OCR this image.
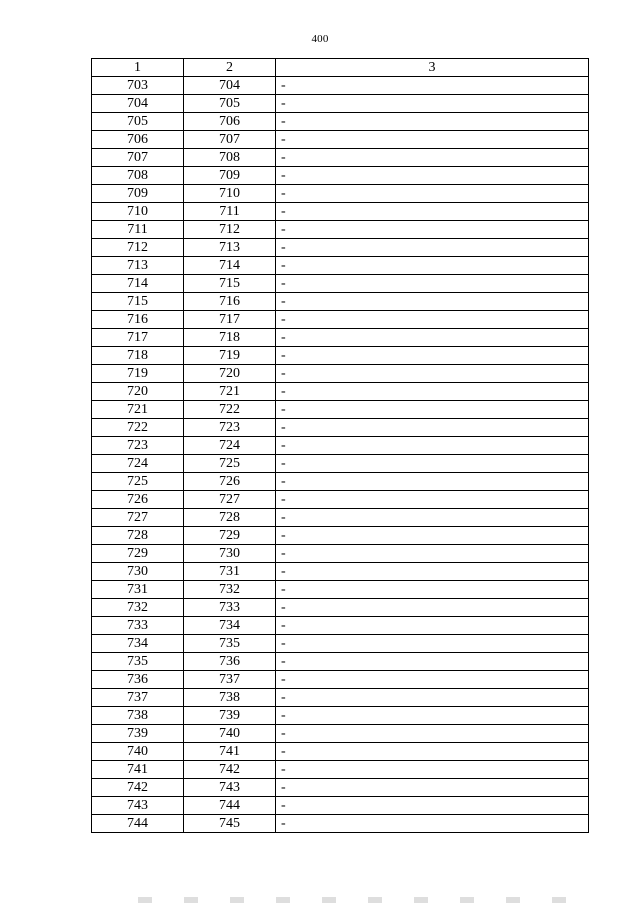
400
1	2	3
703	704	-
704	705	-
705	706	-
706	707	-
707	708	-
708	709	-
709	710	-
710	711	-
711	712	-
712	713	-
713	714	-
714	715	-
715	716	-
716	717	-
717	718	-
718	719	-
719	720	-
720	721	-
721	722	-
722	723	-
723	724	-
724	725	-
725	726	-
726	727	-
727	728	-
728	729	-
729	730	-
730	731	-
731	732	-
732	733	-
733	734	-
734	735	-
735	736	-
736	737	-
737	738	-
738	739	-
739	740	-
740	741	-
741	742	-
742	743	-
743	744	-
744	745	-
